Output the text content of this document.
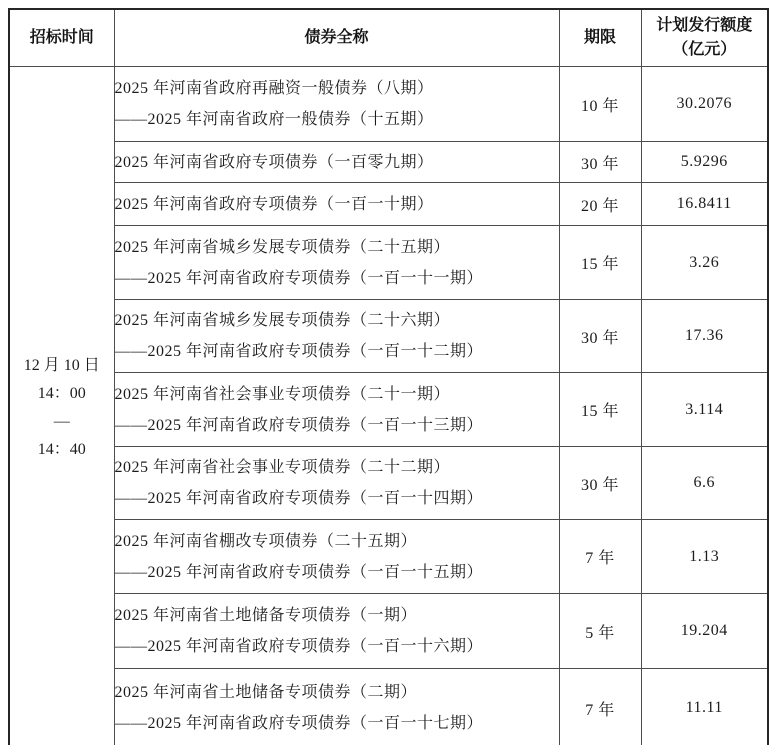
招标时间	债券全称	期限	计划发行额度
（亿元）

12 月 10 日
14：00
—
14：40

2025 年河南省政府再融资一般债券（八期）
——2025 年河南省政府一般债券（十五期）
	10 年	30.2076

	2025 年河南省政府专项债券（一百零九期）	30 年	5.9296

	2025 年河南省政府专项债券（一百一十期）	20 年	16.8411

	2025 年河南省城乡发展专项债券（二十五期）
——2025 年河南省政府专项债券（一百一十一期）	15 年	3.26

	2025 年河南省城乡发展专项债券（二十六期）
——2025 年河南省政府专项债券（一百一十二期）	30 年	17.36

	2025 年河南省社会事业专项债券（二十一期）
——2025 年河南省政府专项债券（一百一十三期）	15 年	3.114

	2025 年河南省社会事业专项债券（二十二期）
——2025 年河南省政府专项债券（一百一十四期）	30 年	6.6

	2025 年河南省棚改专项债券（二十五期）
——2025 年河南省政府专项债券（一百一十五期）	7 年	1.13

	2025 年河南省土地储备专项债券（一期）
——2025 年河南省政府专项债券（一百一十六期）	5 年	19.204

	2025 年河南省土地储备专项债券（二期）
——2025 年河南省政府专项债券（一百一十七期）	7 年	11.11
